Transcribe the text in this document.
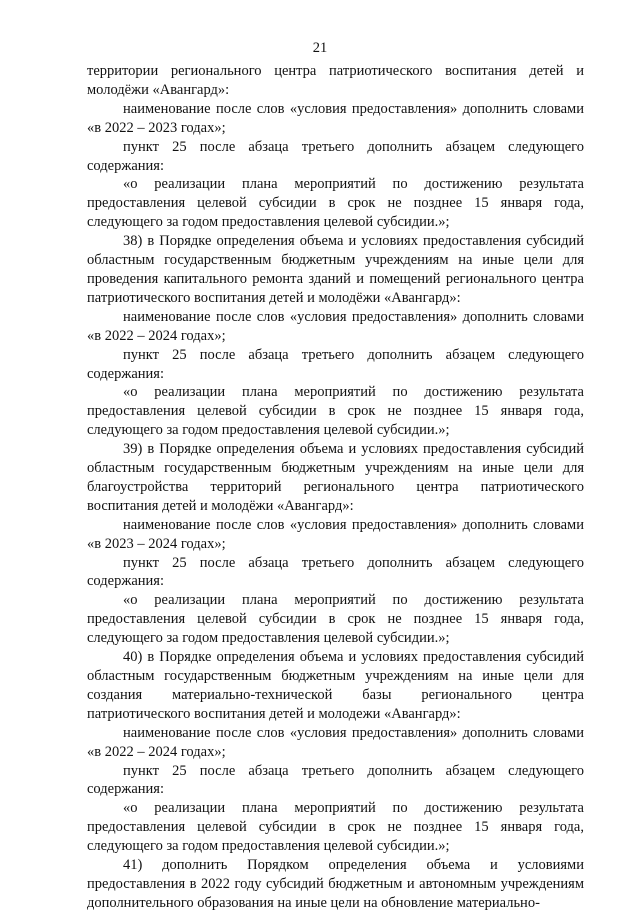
21

территории регионального центра патриотического воспитания детей и молодёжи «Авангард»:

наименование после слов «условия предоставления» дополнить словами «в 2022 – 2023 годах»;

пункт 25 после абзаца третьего дополнить абзацем следующего содержания:

«о реализации плана мероприятий по достижению результата предоставления целевой субсидии в срок не позднее 15 января года, следующего за годом предоставления целевой субсидии.»;

38) в Порядке определения объема и условиях предоставления субсидий областным государственным бюджетным учреждениям на иные цели для проведения капитального ремонта зданий и помещений регионального центра патриотического воспитания детей и молодёжи «Авангард»:

наименование после слов «условия предоставления» дополнить словами «в 2022 – 2024 годах»;

пункт 25 после абзаца третьего дополнить абзацем следующего содержания:

«о реализации плана мероприятий по достижению результата предоставления целевой субсидии в срок не позднее 15 января года, следующего за годом предоставления целевой субсидии.»;

39) в Порядке определения объема и условиях предоставления субсидий областным государственным бюджетным учреждениям на иные цели для благоустройства территорий регионального центра патриотического воспитания детей и молодёжи «Авангард»:

наименование после слов «условия предоставления» дополнить словами «в 2023 – 2024 годах»;

пункт 25 после абзаца третьего дополнить абзацем следующего содержания:

«о реализации плана мероприятий по достижению результата предоставления целевой субсидии в срок не позднее 15 января года, следующего за годом предоставления целевой субсидии.»;

40) в Порядке определения объема и условиях предоставления субсидий областным государственным бюджетным учреждениям на иные цели для создания материально-технической базы регионального центра патриотического воспитания детей и молодежи «Авангард»:

наименование после слов «условия предоставления» дополнить словами «в 2022 – 2024 годах»;

пункт 25 после абзаца третьего дополнить абзацем следующего содержания:

«о реализации плана мероприятий по достижению результата предоставления целевой субсидии в срок не позднее 15 января года, следующего за годом предоставления целевой субсидии.»;

41) дополнить Порядком определения объема и условиями предоставления в 2022 году субсидий бюджетным и автономным учреждениям дополнительного образования на иные цели на обновление материально-
